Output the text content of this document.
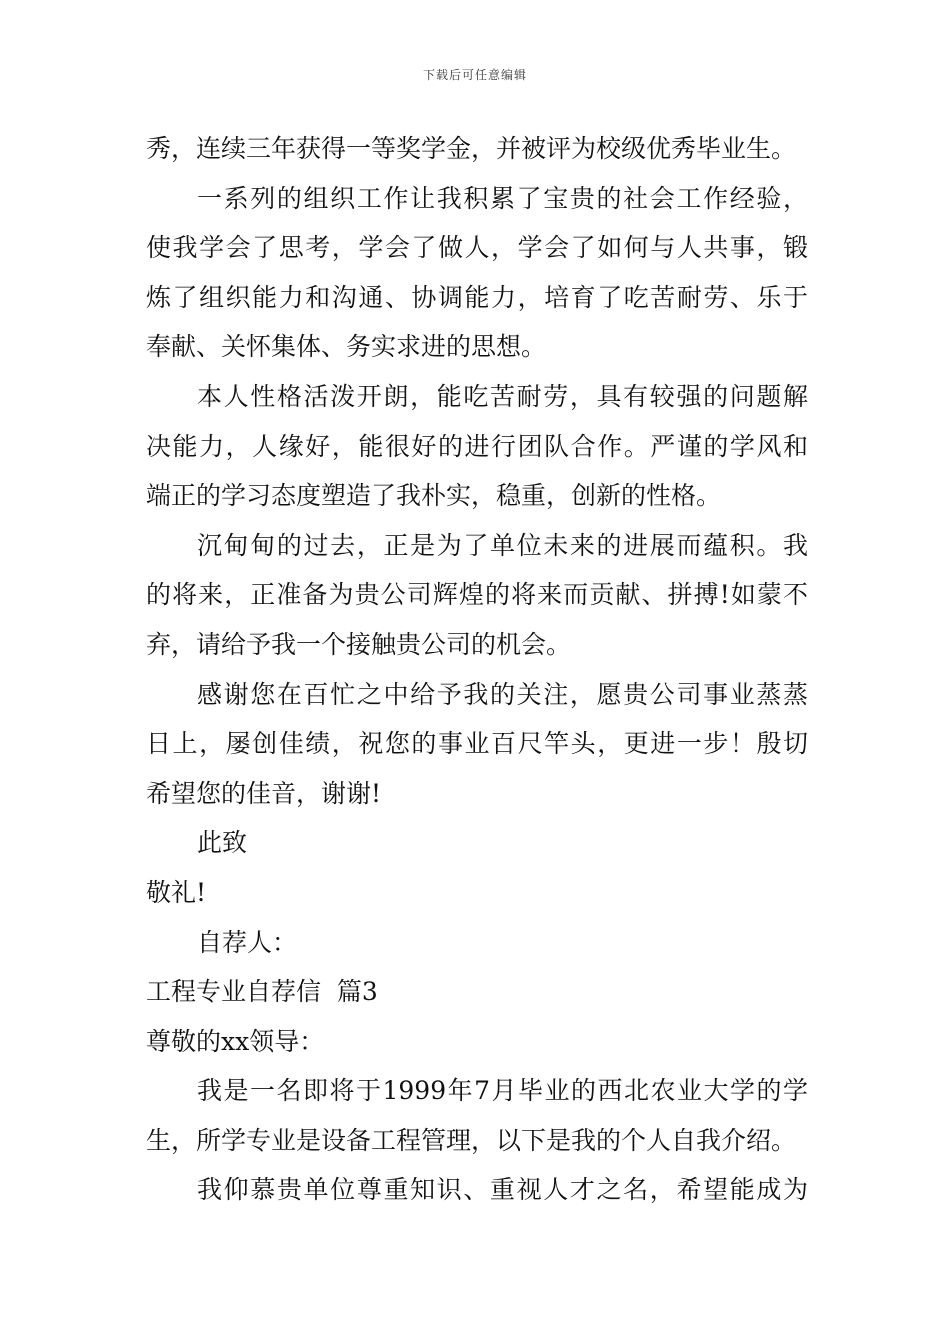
下载后可任意编辑
秀，连续三年获得一等奖学金，并被评为校级优秀毕业生。
一系列的组织工作让我积累了宝贵的社会工作经验，
使我学会了思考，学会了做人，学会了如何与人共事，锻
炼了组织能力和沟通、协调能力，培育了吃苦耐劳、乐于
奉献、关怀集体、务实求进的思想。
本人性格活泼开朗，能吃苦耐劳，具有较强的问题解
决能力，人缘好，能很好的进行团队合作。严谨的学风和
端正的学习态度塑造了我朴实，稳重，创新的性格。
沉甸甸的过去，正是为了单位未来的进展而蕴积。我
的将来，正准备为贵公司辉煌的将来而贡献、拼搏!如蒙不
弃，请给予我一个接触贵公司的机会。
感谢您在百忙之中给予我的关注，愿贵公司事业蒸蒸
日上，屡创佳绩，祝您的事业百尺竿头，更进一步！殷切
希望您的佳音，谢谢!
此致
敬礼!
自荐人：
工程专业自荐信  篇3
尊敬的xx领导：
我是一名即将于1999年7月毕业的西北农业大学的学
生，所学专业是设备工程管理，以下是我的个人自我介绍。
我仰慕贵单位尊重知识、重视人才之名，希望能成为
